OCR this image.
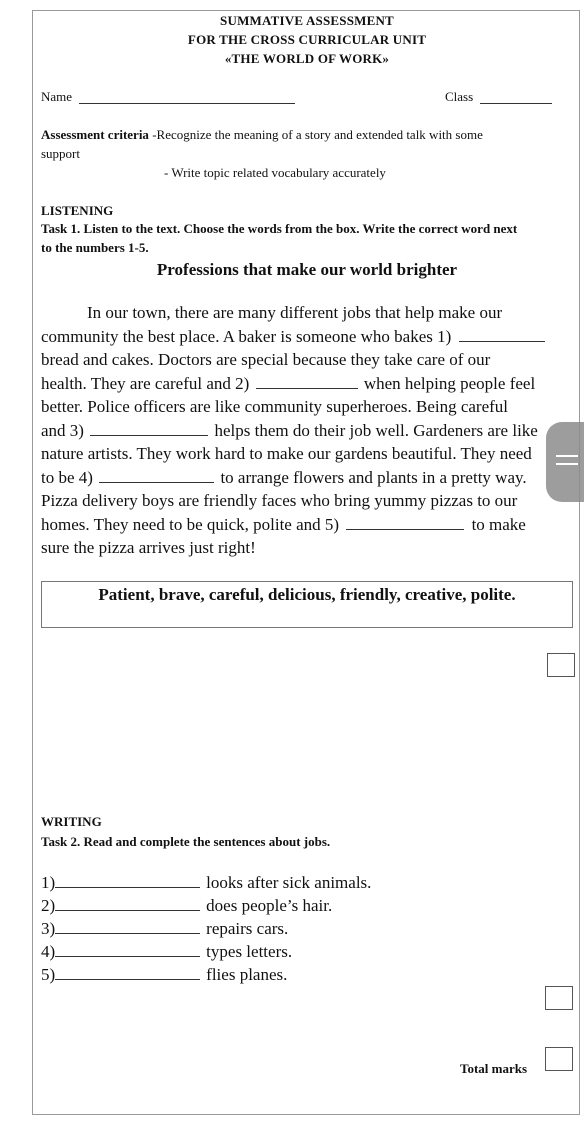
SUMMATIVE ASSESSMENT
FOR THE CROSS CURRICULAR UNIT
«THE WORLD OF WORK»
Name	Class
Assessment criteria -Recognize the meaning of a story and extended talk with some
support
- Write topic related vocabulary accurately
LISTENING
Task 1. Listen to the text. Choose the words from the box. Write the correct word next
to the numbers 1-5.
Professions that make our world brighter
In our town, there are many different jobs that help make our
community the best place. A baker is someone who bakes 1)
bread and cakes. Doctors are special because they take care of our
health. They are careful and 2)	when helping people feel
better. Police officers are like community superheroes. Being careful
and 3)	helps them do their job well. Gardeners are like
nature artists. They work hard to make our gardens beautiful. They need
to be 4)	to arrange flowers and plants in a pretty way.
Pizza delivery boys are friendly faces who bring yummy pizzas to our
homes. They need to be quick, polite and 5)	to make
sure the pizza arrives just right!
Patient, brave, careful, delicious, friendly, creative, polite.
WRITING
Task 2. Read and complete the sentences about jobs.
1)	looks after sick animals.
2)	does people’s hair.
3)	repairs cars.
4)	types letters.
5)	flies planes.
Total marks
